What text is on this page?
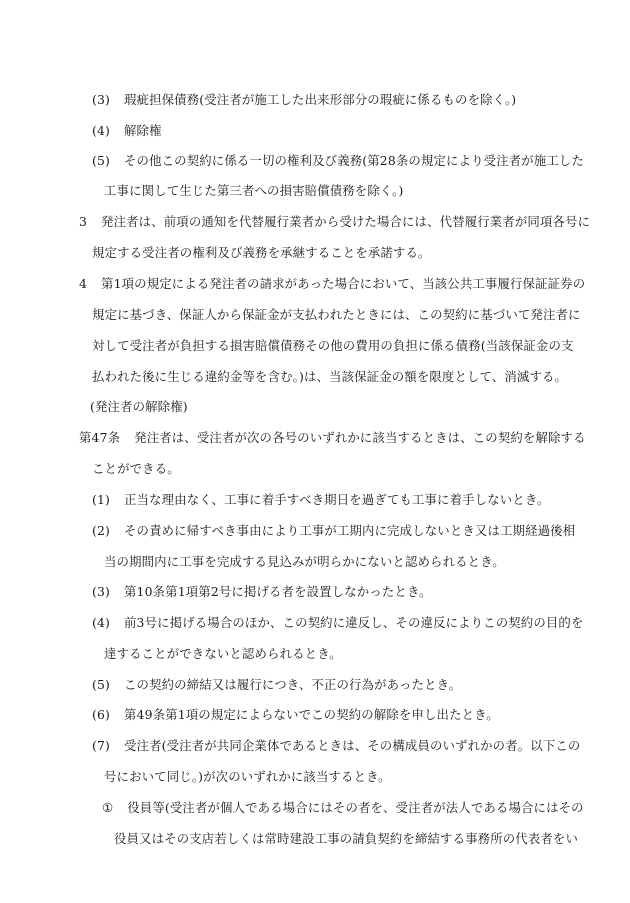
(3) 瑕疵担保債務(受注者が施工した出来形部分の瑕疵に係るものを除く。)
(4) 解除権
(5) その他この契約に係る一切の権利及び義務(第28条の規定により受注者が施工した
工事に関して生じた第三者への損害賠償債務を除く。)
3 発注者は、前項の通知を代替履行業者から受けた場合には、代替履行業者が同項各号に
規定する受注者の権利及び義務を承継することを承諾する。
4 第1項の規定による発注者の請求があった場合において、当該公共工事履行保証証券の
規定に基づき、保証人から保証金が支払われたときには、この契約に基づいて発注者に
対して受注者が負担する損害賠償債務その他の費用の負担に係る債務(当該保証金の支
払われた後に生じる違約金等を含む。)は、当該保証金の額を限度として、消滅する。
(発注者の解除権)
第47条 発注者は、受注者が次の各号のいずれかに該当するときは、この契約を解除する
ことができる。
(1) 正当な理由なく、工事に着手すべき期日を過ぎても工事に着手しないとき。
(2) その責めに帰すべき事由により工事が工期内に完成しないとき又は工期経過後相
当の期間内に工事を完成する見込みが明らかにないと認められるとき。
(3) 第10条第1項第2号に掲げる者を設置しなかったとき。
(4) 前3号に掲げる場合のほか、この契約に違反し、その違反によりこの契約の目的を
達することができないと認められるとき。
(5) この契約の締結又は履行につき、不正の行為があったとき。
(6) 第49条第1項の規定によらないでこの契約の解除を申し出たとき。
(7) 受注者(受注者が共同企業体であるときは、その構成員のいずれかの者。以下この
号において同じ。)が次のいずれかに該当するとき。
① 役員等(受注者が個人である場合にはその者を、受注者が法人である場合にはその
役員又はその支店若しくは常時建設工事の請負契約を締結する事務所の代表者をい
